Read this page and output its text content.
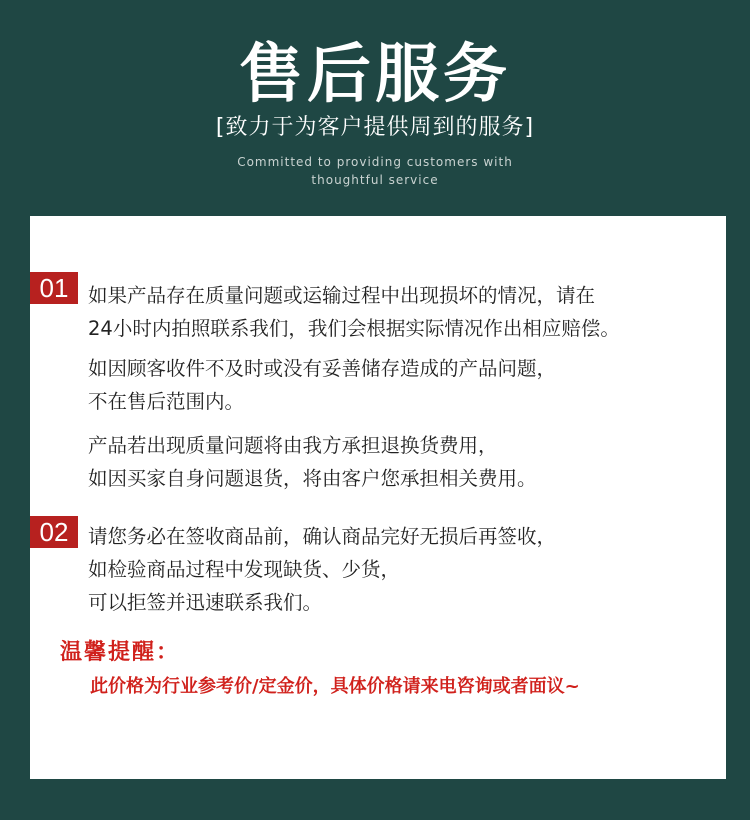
售后服务
[致力于为客户提供周到的服务]
Committed to providing customers with
thoughtful service
01	如果产品存在质量问题或运输过程中出现损坏的情况，请在
24小时内拍照联系我们，我们会根据实际情况作出相应赔偿。
如因顾客收件不及时或没有妥善储存造成的产品问题，
不在售后范围内。
产品若出现质量问题将由我方承担退换货费用，
如因买家自身问题退货，将由客户您承担相关费用。
02	请您务必在签收商品前，确认商品完好无损后再签收，
如检验商品过程中发现缺货、少货，
可以拒签并迅速联系我们。
温馨提醒：
此价格为行业参考价/定金价，具体价格请来电咨询或者面议~
